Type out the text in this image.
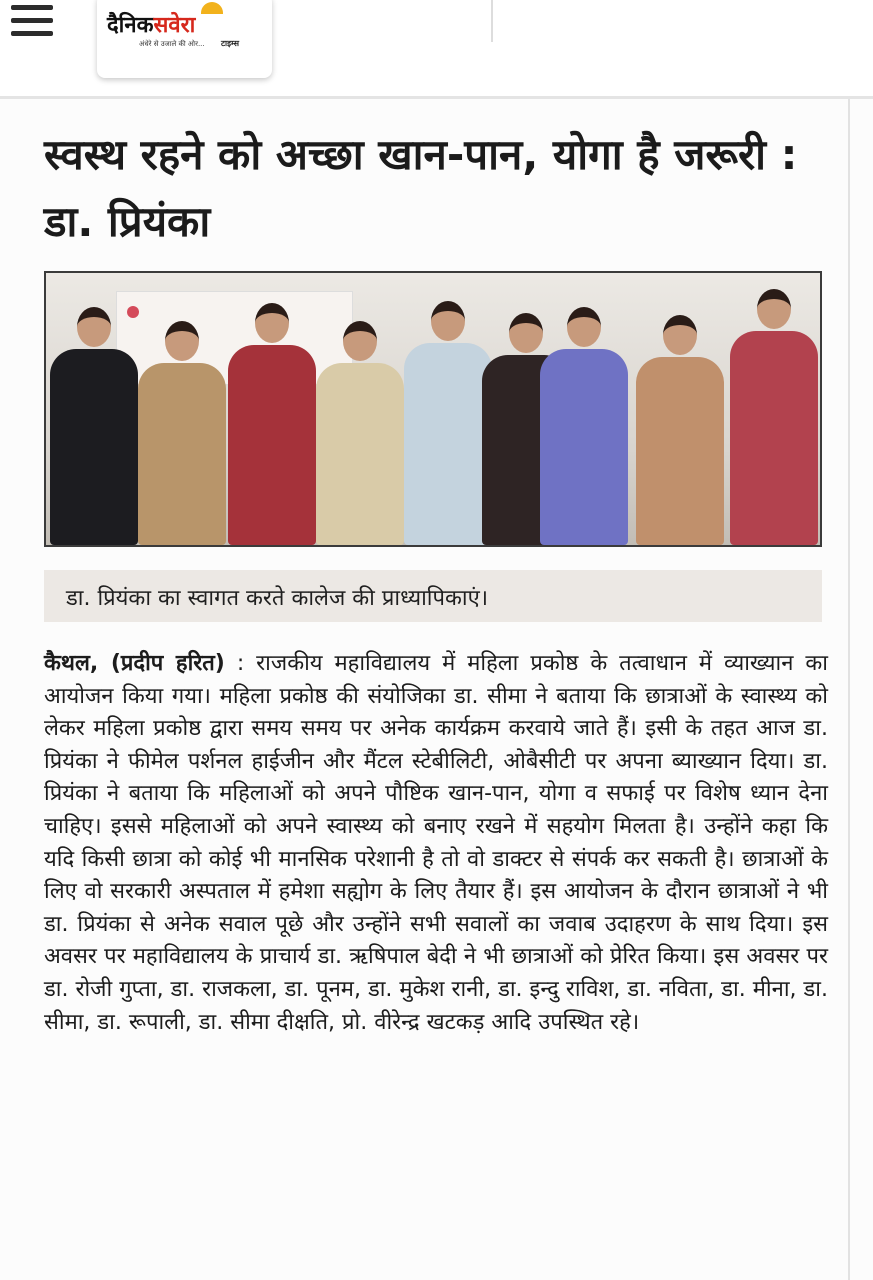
दैनिकसवेरा
अंधेरे से उजाले की ओर... टाइम्स
स्वस्थ रहने को अच्छा खान-पान, योगा है जरूरी : डा. प्रियंका
डा. प्रियंका का स्वागत करते कालेज की प्राध्यापिकाएं।

कैथल, (प्रदीप हरित) : राजकीय महाविद्यालय में महिला प्रकोष्ठ के तत्वाधान में व्याख्यान का आयोजन किया गया। महिला प्रकोष्ठ की संयोजिका डा. सीमा ने बताया कि छात्राओं के स्वास्थ्य को लेकर महिला प्रकोष्ठ द्वारा समय समय पर अनेक कार्यक्रम करवाये जाते हैं। इसी के तहत आज डा. प्रियंका ने फीमेल पर्शनल हाईजीन और मैंटल स्टेबीलिटी, ओबैसीटी पर अपना ब्याख्यान दिया। डा. प्रियंका ने बताया कि महिलाओं को अपने पौष्टिक खान-पान, योगा व सफाई पर विशेष ध्यान देना चाहिए। इससे महिलाओं को अपने स्वास्थ्य को बनाए रखने में सहयोग मिलता है। उन्होंने कहा कि यदि किसी छात्रा को कोई भी मानसिक परेशानी है तो वो डाक्टर से संपर्क कर सकती है। छात्राओं के लिए वो सरकारी अस्पताल में हमेशा सह्योग के लिए तैयार हैं। इस आयोजन के दौरान छात्राओं ने भी डा. प्रियंका से अनेक सवाल पूछे और उन्होंने सभी सवालों का जवाब उदाहरण के साथ दिया। इस अवसर पर महाविद्यालय के प्राचार्य डा. ऋषिपाल बेदी ने भी छात्राओं को प्रेरित किया। इस अवसर पर डा. रोजी गुप्ता, डा. राजकला, डा. पूनम, डा. मुकेश रानी, डा. इन्दु राविश, डा. नविता, डा. मीना, डा. सीमा, डा. रूपाली, डा. सीमा दीक्षति, प्रो. वीरेन्द्र खटकड़ आदि उपस्थित रहे।
